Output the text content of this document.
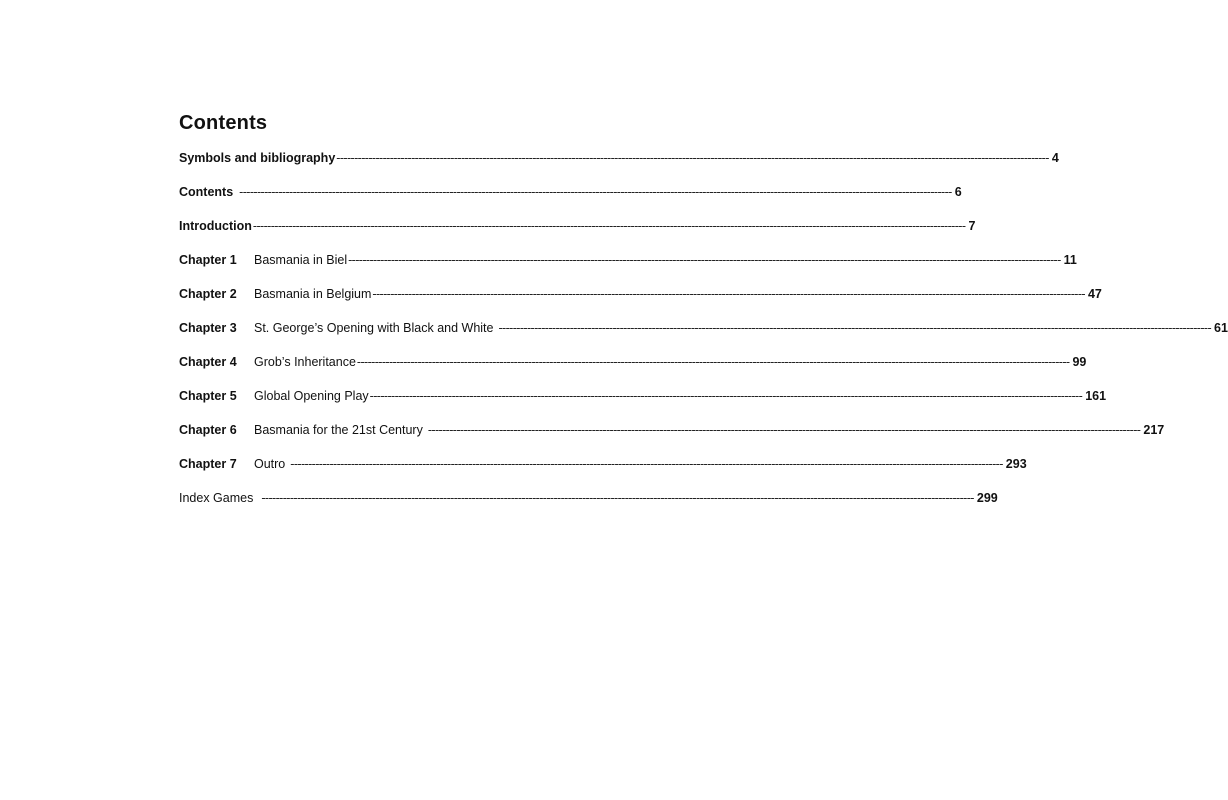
Contents
Symbols and bibliography -------------------------------------------------------------------------------------------------------------------------------------------------------------------------------------------------------- 4
Contents -------------------------------------------------------------------------------------------------------------------------------------------------------------------------------------------------------- 6
Introduction -------------------------------------------------------------------------------------------------------------------------------------------------------------------------------------------------------- 7
Chapter 1	Basmania in Biel -------------------------------------------------------------------------------------------------------------------------------------------------------------------------------------------------------- 11
Chapter 2	Basmania in Belgium -------------------------------------------------------------------------------------------------------------------------------------------------------------------------------------------------------- 47
Chapter 3	St. George’s Opening with Black and White -------------------------------------------------------------------------------------------------------------------------------------------------------------------------------------------------------- 61
Chapter 4	Grob’s Inheritance -------------------------------------------------------------------------------------------------------------------------------------------------------------------------------------------------------- 99
Chapter 5	Global Opening Play -------------------------------------------------------------------------------------------------------------------------------------------------------------------------------------------------------- 161
Chapter 6	Basmania for the 21st Century -------------------------------------------------------------------------------------------------------------------------------------------------------------------------------------------------------- 217
Chapter 7	Outro -------------------------------------------------------------------------------------------------------------------------------------------------------------------------------------------------------- 293
Index Games -------------------------------------------------------------------------------------------------------------------------------------------------------------------------------------------------------- 299
